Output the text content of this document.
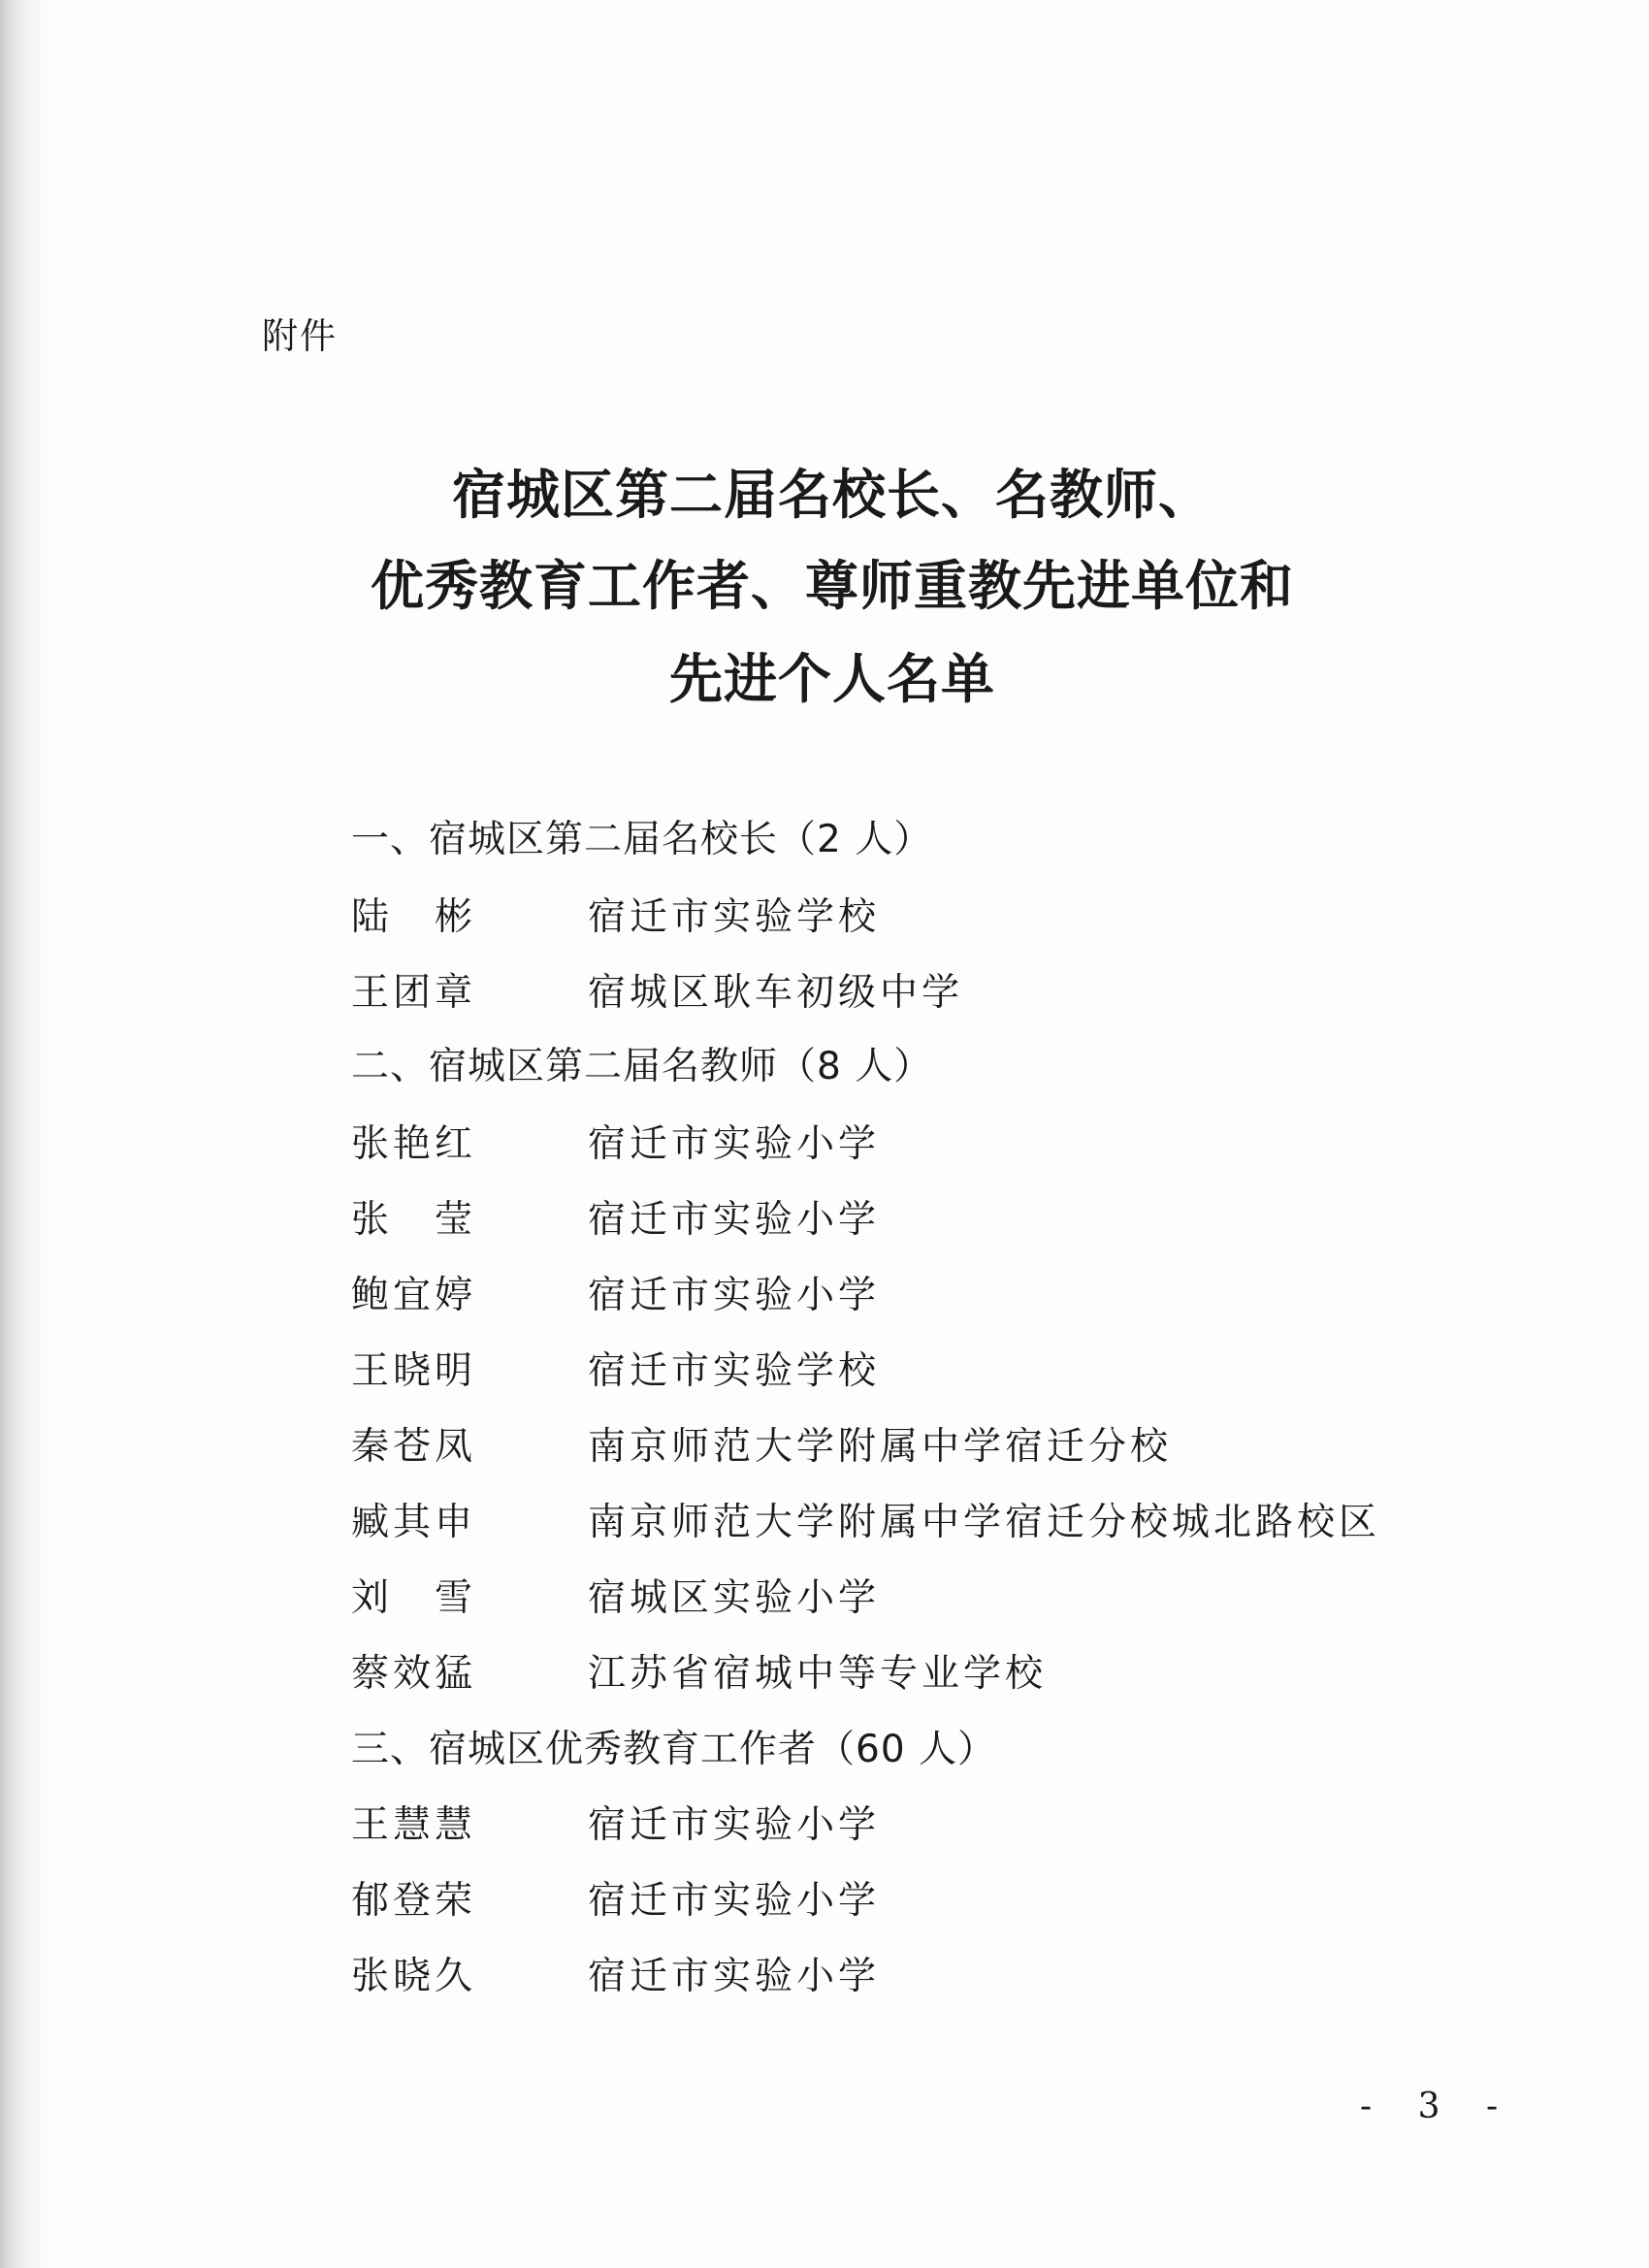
附件
宿城区第二届名校长、名教师、
优秀教育工作者、尊师重教先进单位和
先进个人名单
一、宿城区第二届名校长（2 人）
陆　彬	宿迁市实验学校
王团章	宿城区耿车初级中学
二、宿城区第二届名教师（8 人）
张艳红	宿迁市实验小学
张　莹	宿迁市实验小学
鲍宜婷	宿迁市实验小学
王晓明	宿迁市实验学校
秦苍凤	南京师范大学附属中学宿迁分校
臧其申	南京师范大学附属中学宿迁分校城北路校区
刘　雪	宿城区实验小学
蔡效猛	江苏省宿城中等专业学校
三、宿城区优秀教育工作者（60 人）
王慧慧	宿迁市实验小学
郁登荣	宿迁市实验小学
张晓久	宿迁市实验小学
- 3 -
